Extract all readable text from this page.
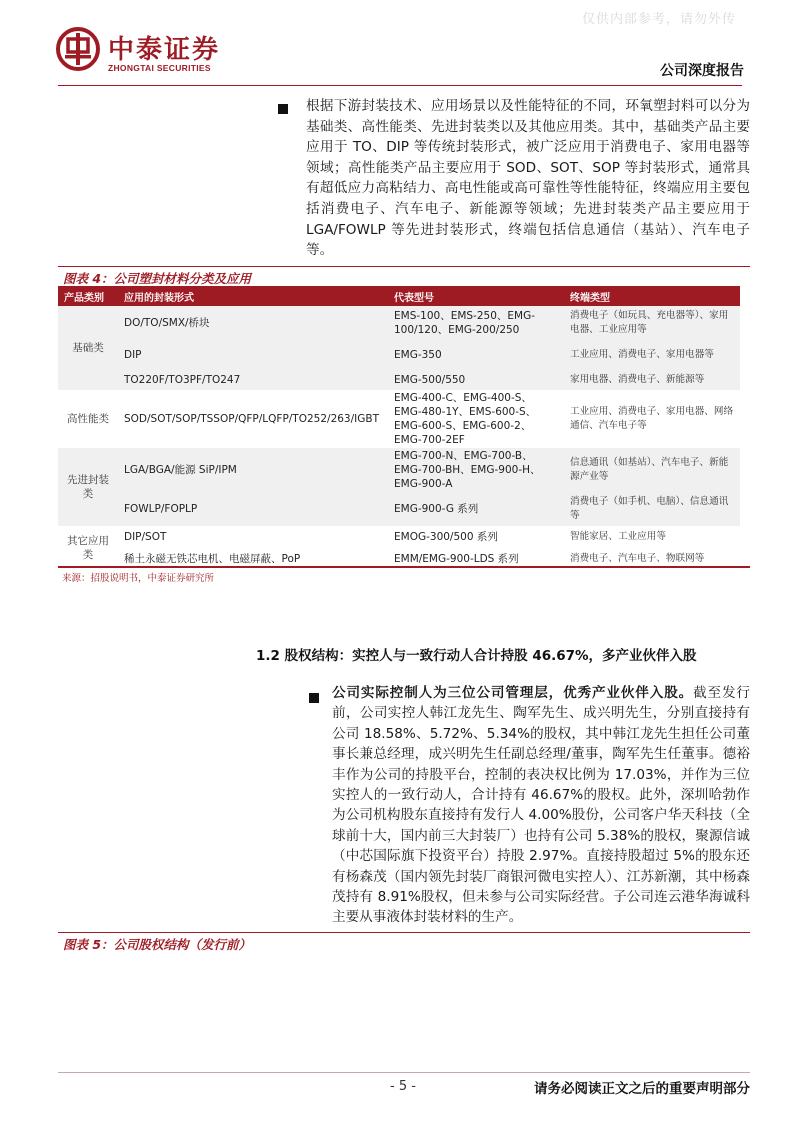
仅供内部参考，请勿外传
中泰证券
ZHONGTAI SECURITIES	公司深度报告

根据下游封装技术、应用场景以及性能特征的不同，环氧塑封料可以分为基础类、高性能类、先进封装类以及其他应用类。其中，基础类产品主要应用于 TO、DIP 等传统封装形式，被广泛应用于消费电子、家用电器等领域；高性能类产品主要应用于 SOD、SOT、SOP 等封装形式，通常具有超低应力高粘结力、高电性能或高可靠性等性能特征，终端应用主要包括消费电子、汽车电子、新能源等领域；先进封装类产品主要应用于 LGA/FOWLP 等先进封装形式，终端包括信息通信（基站）、汽车电子等。

图表 4：公司塑封材料分类及应用
产品类别	应用的封装形式	代表型号	终端类型
基础类	DO/TO/SMX/桥块	EMS-100、EMS-250、EMG-100/120、EMG-200/250	消费电子（如玩具、充电器等）、家用电器、工业应用等
	DIP	EMG-350	工业应用、消费电子、家用电器等
	TO220F/TO3PF/TO247	EMG-500/550	家用电器、消费电子、新能源等
高性能类	SOD/SOT/SOP/TSSOP/QFP/LQFP/TO252/263/IGBT	EMG-400-C、EMG-400-S、EMG-480-1Y、EMS-600-S、EMG-600-S、EMG-600-2、EMG-700-2EF	工业应用、消费电子、家用电器、网络通信、汽车电子等
先进封装类	LGA/BGA/能源 SiP/IPM	EMG-700-N、EMG-700-B、EMG-700-BH、EMG-900-H、EMG-900-A	信息通讯（如基站）、汽车电子、新能源产业等
	FOWLP/FOPLP	EMG-900-G 系列	消费电子（如手机、电脑）、信息通讯等
其它应用类	DIP/SOT	EMOG-300/500 系列	智能家居、工业应用等
	稀土永磁无铁芯电机、电磁屏蔽、PoP	EMM/EMG-900-LDS 系列	消费电子、汽车电子、物联网等
来源：招股说明书，中泰证券研究所
1.2 股权结构：实控人与一致行动人合计持股 46.67%，多产业伙伴入股

公司实际控制人为三位公司管理层，优秀产业伙伴入股。截至发行前，公司实控人韩江龙先生、陶军先生、成兴明先生，分别直接持有公司 18.58%、5.72%、5.34%的股权，其中韩江龙先生担任公司董事长兼总经理，成兴明先生任副总经理/董事，陶军先生任董事。德裕丰作为公司的持股平台，控制的表决权比例为 17.03%，并作为三位实控人的一致行动人，合计持有 46.67%的股权。此外，深圳哈勃作为公司机构股东直接持有发行人 4.00%股份，公司客户华天科技（全球前十大，国内前三大封装厂）也持有公司 5.38%的股权，聚源信诚（中芯国际旗下投资平台）持股 2.97%。直接持股超过 5%的股东还有杨森茂（国内领先封装厂商银河微电实控人）、江苏新潮，其中杨森茂持有 8.91%股权，但未参与公司实际经营。子公司连云港华海诚科主要从事液体封装材料的生产。

图表 5：公司股权结构（发行前）
- 5 -	请务必阅读正文之后的重要声明部分
